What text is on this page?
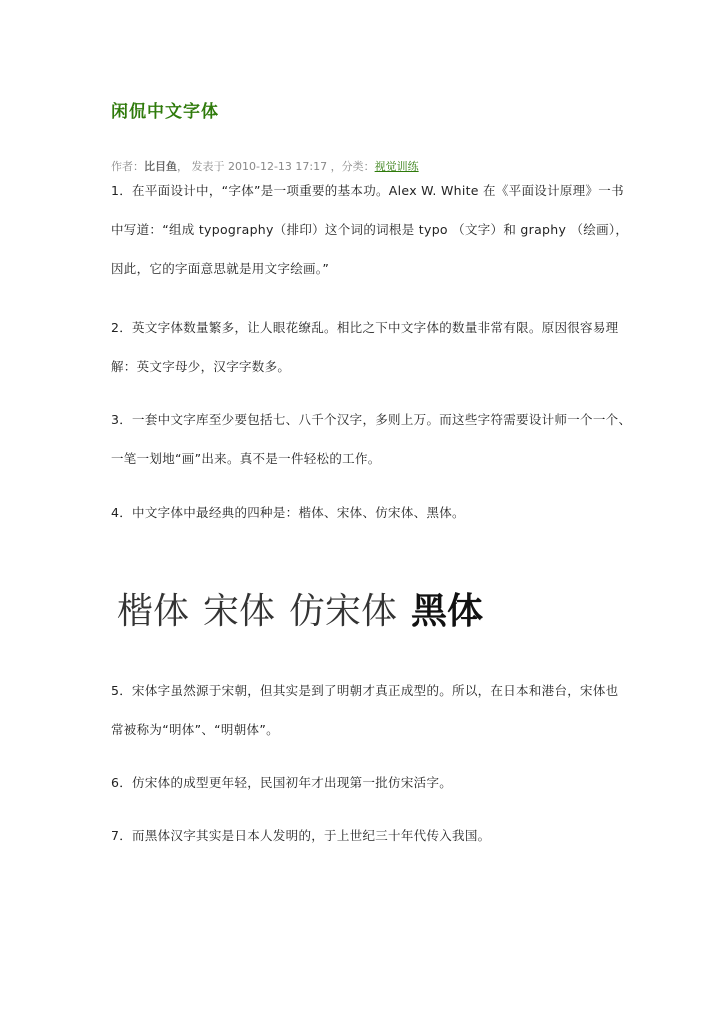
闲侃中文字体
作者：比目鱼， 发表于 2010-12-13 17:17 ，分类：视觉训练
1．在平面设计中，“字体”是一项重要的基本功。Alex W. White 在《平面设计原理》一书
中写道：“组成 typography（排印）这个词的词根是 typo （文字）和 graphy （绘画），
因此，它的字面意思就是用文字绘画。”
2．英文字体数量繁多，让人眼花缭乱。相比之下中文字体的数量非常有限。原因很容易理
解：英文字母少，汉字字数多。
3．一套中文字库至少要包括七、八千个汉字，多则上万。而这些字符需要设计师一个一个、
一笔一划地“画”出来。真不是一件轻松的工作。
4．中文字体中最经典的四种是：楷体、宋体、仿宋体、黑体。
楷体 宋体 仿宋体 黑体
5．宋体字虽然源于宋朝，但其实是到了明朝才真正成型的。所以，在日本和港台，宋体也
常被称为“明体”、“明朝体”。
6．仿宋体的成型更年轻，民国初年才出现第一批仿宋活字。
7．而黑体汉字其实是日本人发明的，于上世纪三十年代传入我国。
